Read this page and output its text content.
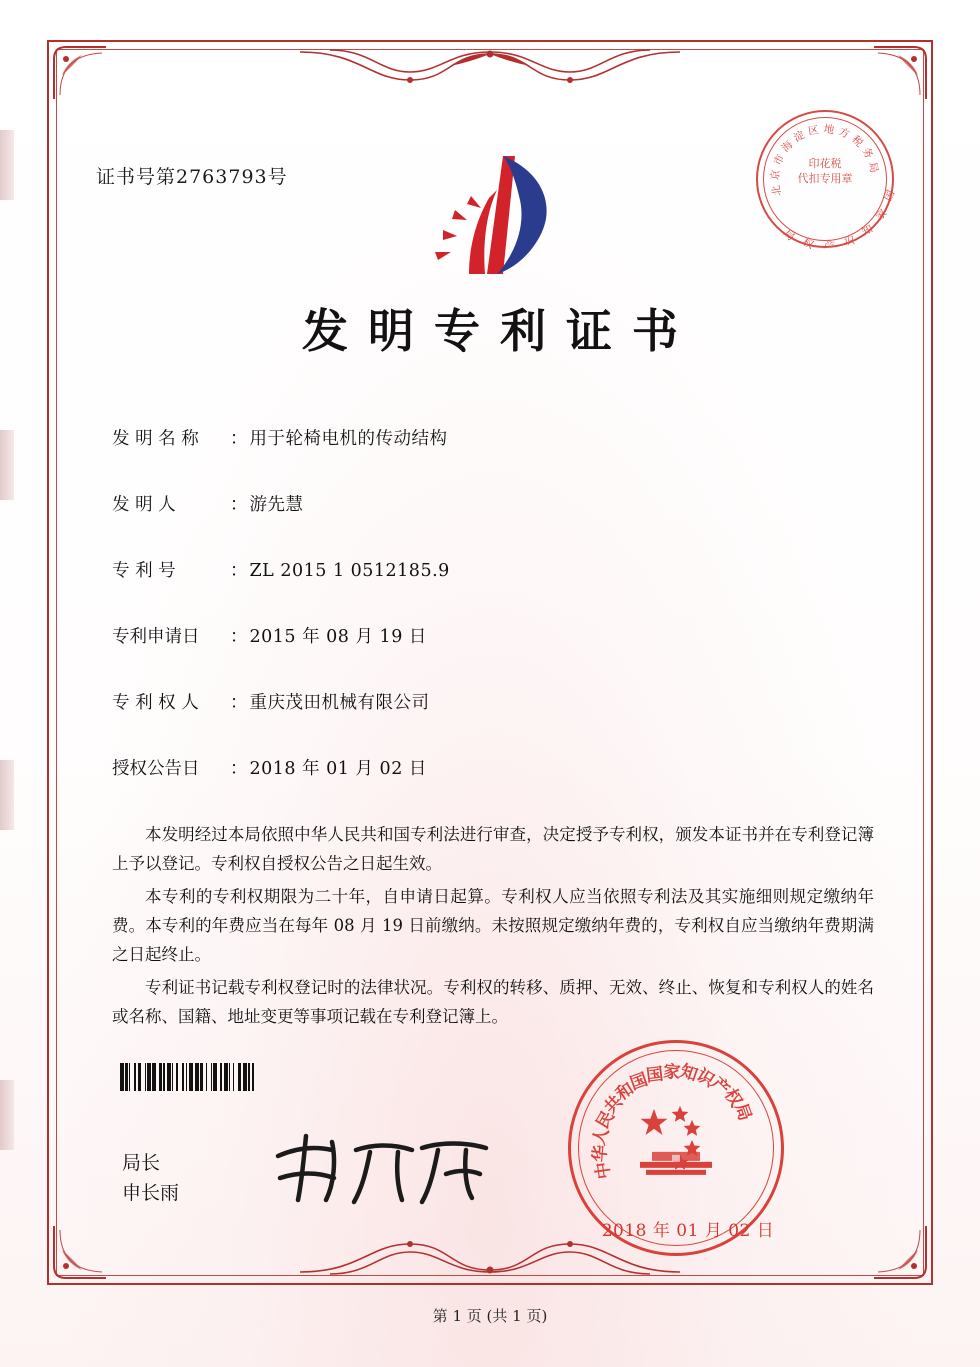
证书号第2763793号
北
京
市
海
淀 区 地 方
税
务
局
国
家
知
识
产
权
局
印花税
代扣专用章
发明专利证书
发 明 名 称	： 用于轮椅电机的传动结构
发 明 人	： 游先慧
专 利 号	： ZL 2015 1 0512185.9
专利申请日	： 2015 年 08 月 19 日
专 利 权 人	： 重庆茂田机械有限公司
授权公告日	： 2018 年 01 月 02 日

本发明经过本局依照中华人民共和国专利法进行审查，决定授予专利权，颁发本证书并在专利登记簿上予以登记。专利权自授权公告之日起生效。

本专利的专利权期限为二十年，自申请日起算。专利权人应当依照专利法及其实施细则规定缴纳年费。本专利的年费应当在每年 08 月 19 日前缴纳。未按照规定缴纳年费的，专利权自应当缴纳年费期满之日起终止。

专利证书记载专利权登记时的法律状况。专利权的转移、质押、无效、终止、恢复和专利权人的姓名或名称、国籍、地址变更等事项记载在专利登记簿上。

局长
申长雨
中
华
人
民
共
和
国
国
家
知
识
产
权
局
2018 年 01 月 02 日
第 1 页 (共 1 页)
